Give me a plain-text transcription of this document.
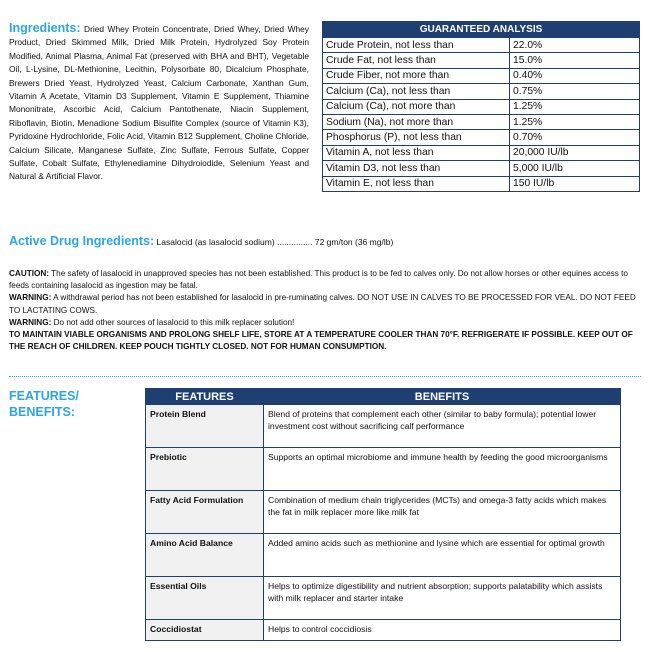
Ingredients: Dried Whey Protein Concentrate, Dried Whey, Dried Whey Product, Dried Skimmed Milk, Dried Milk Protein, Hydrolyzed Soy Protein Modified, Animal Plasma, Animal Fat (preserved with BHA and BHT), Vegetable Oil, L-Lysine, DL-Methionine, Lecithin, Polysorbate 80, Dicalcium Phosphate, Brewers Dried Yeast, Hydrolyzed Yeast, Calcium Carbonate, Xanthan Gum, Vitamin A Acetate, Vitamin D3 Supplement, Vitamin E Supplement, Thiamine Mononitrate, Ascorbic Acid, Calcium Pantothenate, Niacin Supplement, Riboflavin, Biotin, Menadione Sodium Bisulfite Complex (source of Vitamin K3), Pyridoxine Hydrochloride, Folic Acid, Vitamin B12 Supplement, Choline Chloride, Calcium Silicate, Manganese Sulfate, Zinc Sulfate, Ferrous Sulfate, Copper Sulfate, Cobalt Sulfate, Ethylenediamine Dihydroiodide, Selenium Yeast and Natural & Artificial Flavor.
GUARANTEED ANALYSIS	
Crude Protein, not less than	22.0%
Crude Fat, not less than	15.0%
Crude Fiber, not more than	0.40%
Calcium (Ca), not less than	0.75%
Calcium (Ca), not more than	1.25%
Sodium (Na), not more than	1.25%
Phosphorus (P), not less than	0.70%
Vitamin A, not less than	20,000 IU/lb
Vitamin D3, not less than	5,000 IU/lb
Vitamin E, not less than	150 IU/lb
Active Drug Ingredients: Lasalocid (as lasalocid sodium) ............... 72 gm/ton (36 mg/lb)

CAUTION: The safety of lasalocid in unapproved species has not been established. This product is to be fed to calves only. Do not allow horses or other equines access to feeds containing lasalocid as ingestion may be fatal.

WARNING: A withdrawal period has not been established for lasalocid in pre-ruminating calves. DO NOT USE IN CALVES TO BE PROCESSED FOR VEAL. DO NOT FEED TO LACTATING COWS.

WARNING: Do not add other sources of lasalocid to this milk replacer solution!

TO MAINTAIN VIABLE ORGANISMS AND PROLONG SHELF LIFE, STORE AT A TEMPERATURE COOLER THAN 70°F. REFRIGERATE IF POSSIBLE. KEEP OUT OF THE REACH OF CHILDREN. KEEP POUCH TIGHTLY CLOSED. NOT FOR HUMAN CONSUMPTION.

FEATURES/
BENEFITS:
FEATURES	BENEFITS
Protein Blend	Blend of proteins that complement each other (similar to baby formula); potential lower investment cost without sacrificing calf performance
Prebiotic	Supports an optimal microbiome and immune health by feeding the good microorganisms
Fatty Acid Formulation	Combination of medium chain triglycerides (MCTs) and omega-3 fatty acids which makes the fat in milk replacer more like milk fat
Amino Acid Balance	Added amino acids such as methionine and lysine which are essential for optimal growth
Essential Oils	Helps to optimize digestibility and nutrient absorption; supports palatability which assists with milk replacer and starter intake
Coccidiostat	Helps to control coccidiosis
